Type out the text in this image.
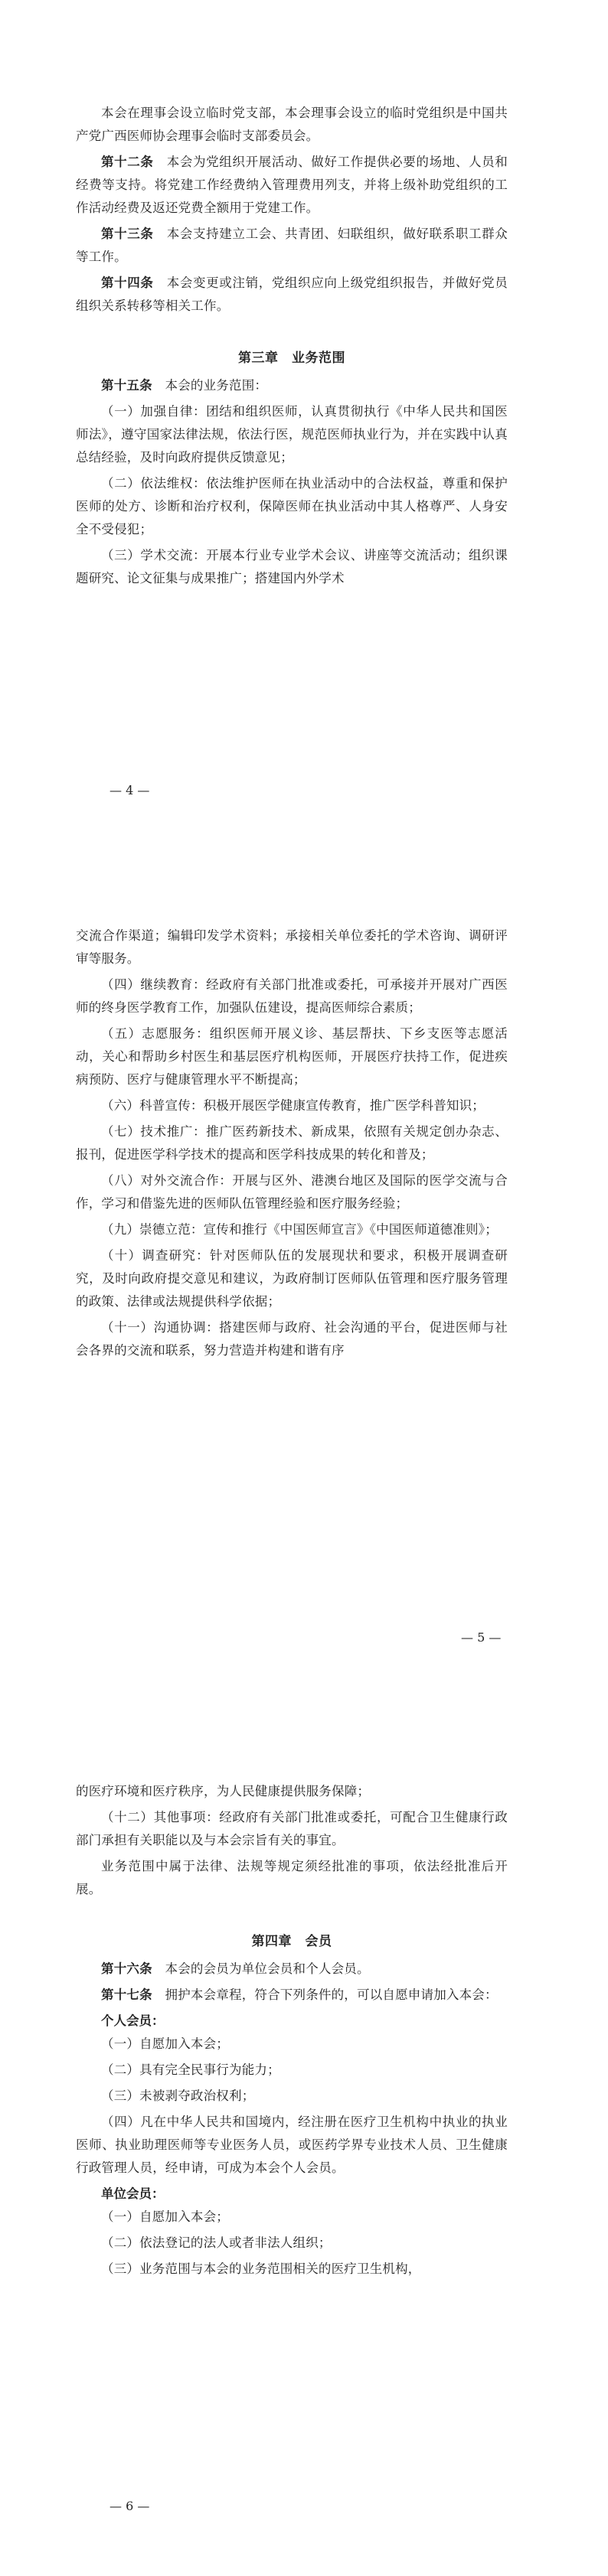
本会在理事会设立临时党支部，本会理事会设立的临时党组织是中国共产党广西医师协会理事会临时支部委员会。

第十二条　本会为党组织开展活动、做好工作提供必要的场地、人员和经费等支持。将党建工作经费纳入管理费用列支，并将上级补助党组织的工作活动经费及返还党费全额用于党建工作。

第十三条　本会支持建立工会、共青团、妇联组织，做好联系职工群众等工作。

第十四条　本会变更或注销，党组织应向上级党组织报告，并做好党员组织关系转移等相关工作。

第三章　业务范围

第十五条　本会的业务范围：

（一）加强自律：团结和组织医师，认真贯彻执行《中华人民共和国医师法》，遵守国家法律法规，依法行医，规范医师执业行为，并在实践中认真总结经验，及时向政府提供反馈意见；

（二）依法维权：依法维护医师在执业活动中的合法权益，尊重和保护医师的处方、诊断和治疗权利，保障医师在执业活动中其人格尊严、人身安全不受侵犯；

（三）学术交流：开展本行业专业学术会议、讲座等交流活动；组织课题研究、论文征集与成果推广；搭建国内外学术

— 4 —

交流合作渠道；编辑印发学术资料；承接相关单位委托的学术咨询、调研评审等服务。

（四）继续教育：经政府有关部门批准或委托，可承接并开展对广西医师的终身医学教育工作，加强队伍建设，提高医师综合素质；

（五）志愿服务：组织医师开展义诊、基层帮扶、下乡支医等志愿活动，关心和帮助乡村医生和基层医疗机构医师，开展医疗扶持工作，促进疾病预防、医疗与健康管理水平不断提高；

（六）科普宣传：积极开展医学健康宣传教育，推广医学科普知识；

（七）技术推广：推广医药新技术、新成果，依照有关规定创办杂志、报刊，促进医学科学技术的提高和医学科技成果的转化和普及；

（八）对外交流合作：开展与区外、港澳台地区及国际的医学交流与合作，学习和借鉴先进的医师队伍管理经验和医疗服务经验；

（九）崇德立范：宣传和推行《中国医师宣言》《中国医师道德准则》；

（十）调查研究：针对医师队伍的发展现状和要求，积极开展调查研究，及时向政府提交意见和建议，为政府制订医师队伍管理和医疗服务管理的政策、法律或法规提供科学依据；

（十一）沟通协调：搭建医师与政府、社会沟通的平台，促进医师与社会各界的交流和联系，努力营造并构建和谐有序

— 5 —

的医疗环境和医疗秩序，为人民健康提供服务保障；

（十二）其他事项：经政府有关部门批准或委托，可配合卫生健康行政部门承担有关职能以及与本会宗旨有关的事宜。

业务范围中属于法律、法规等规定须经批准的事项，依法经批准后开展。

第四章　会员

第十六条　本会的会员为单位会员和个人会员。

第十七条　拥护本会章程，符合下列条件的，可以自愿申请加入本会：

个人会员：

（一）自愿加入本会；

（二）具有完全民事行为能力；

（三）未被剥夺政治权利；

（四）凡在中华人民共和国境内，经注册在医疗卫生机构中执业的执业医师、执业助理医师等专业医务人员，或医药学界专业技术人员、卫生健康行政管理人员，经申请，可成为本会个人会员。

单位会员：

（一）自愿加入本会；

（二）依法登记的法人或者非法人组织；

（三）业务范围与本会的业务范围相关的医疗卫生机构，

— 6 —
